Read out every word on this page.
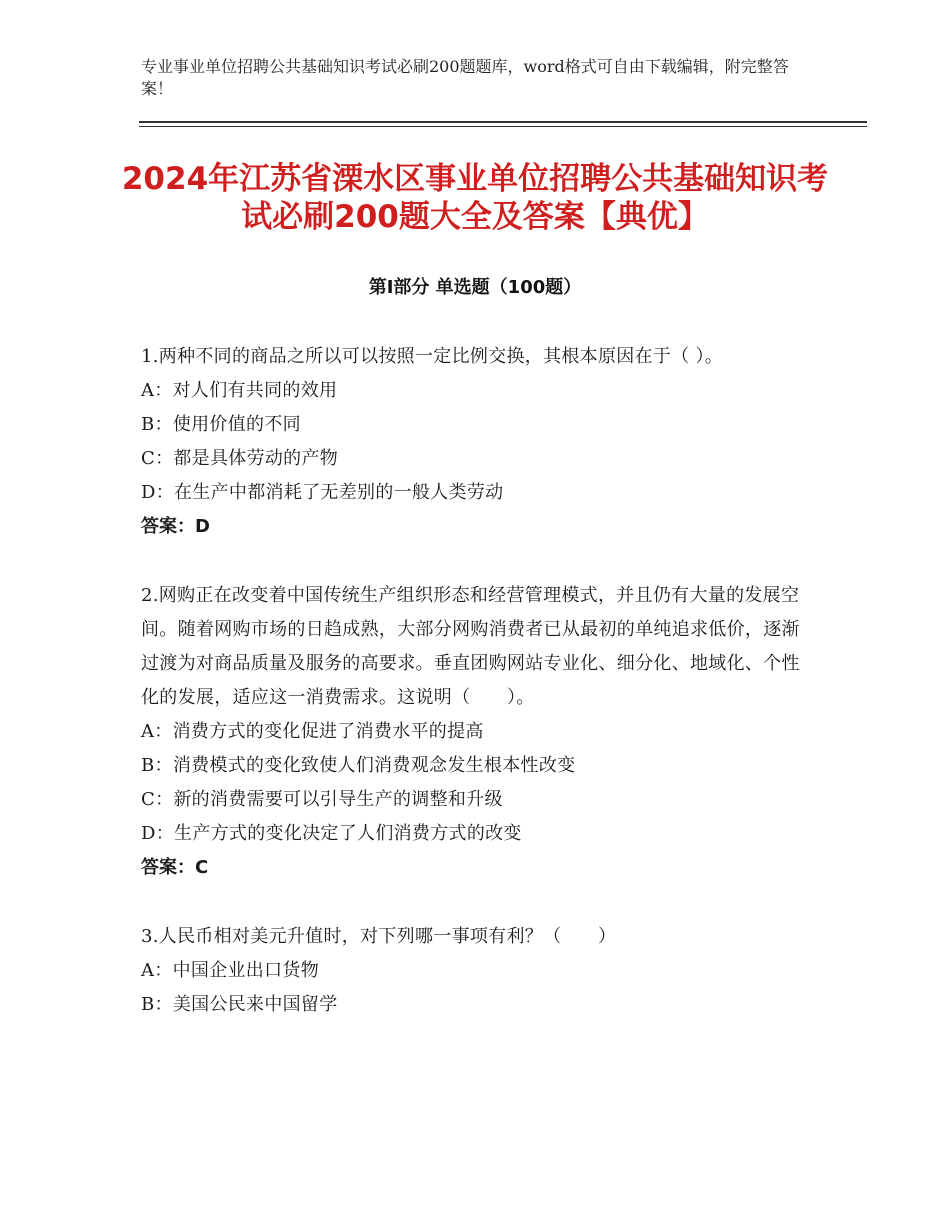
专业事业单位招聘公共基础知识考试必刷200题题库，word格式可自由下载编辑，附完整答案！
2024年江苏省溧水区事业单位招聘公共基础知识考试必刷200题大全及答案【典优】
第Ⅰ部分 单选题（100题）
1.两种不同的商品之所以可以按照一定比例交换，其根本原因在于（ ）。
A：对人们有共同的效用
B：使用价值的不同
C：都是具体劳动的产物
D：在生产中都消耗了无差别的一般人类劳动
答案：D
2.网购正在改变着中国传统生产组织形态和经营管理模式，并且仍有大量的发展空间。随着网购市场的日趋成熟，大部分网购消费者已从最初的单纯追求低价，逐渐过渡为对商品质量及服务的高要求。垂直团购网站专业化、细分化、地域化、个性化的发展，适应这一消费需求。这说明（　　）。
A：消费方式的变化促进了消费水平的提高
B：消费模式的变化致使人们消费观念发生根本性改变
C：新的消费需要可以引导生产的调整和升级
D：生产方式的变化决定了人们消费方式的改变
答案：C
3.人民币相对美元升值时，对下列哪一事项有利？（　　）
A：中国企业出口货物
B：美国公民来中国留学
